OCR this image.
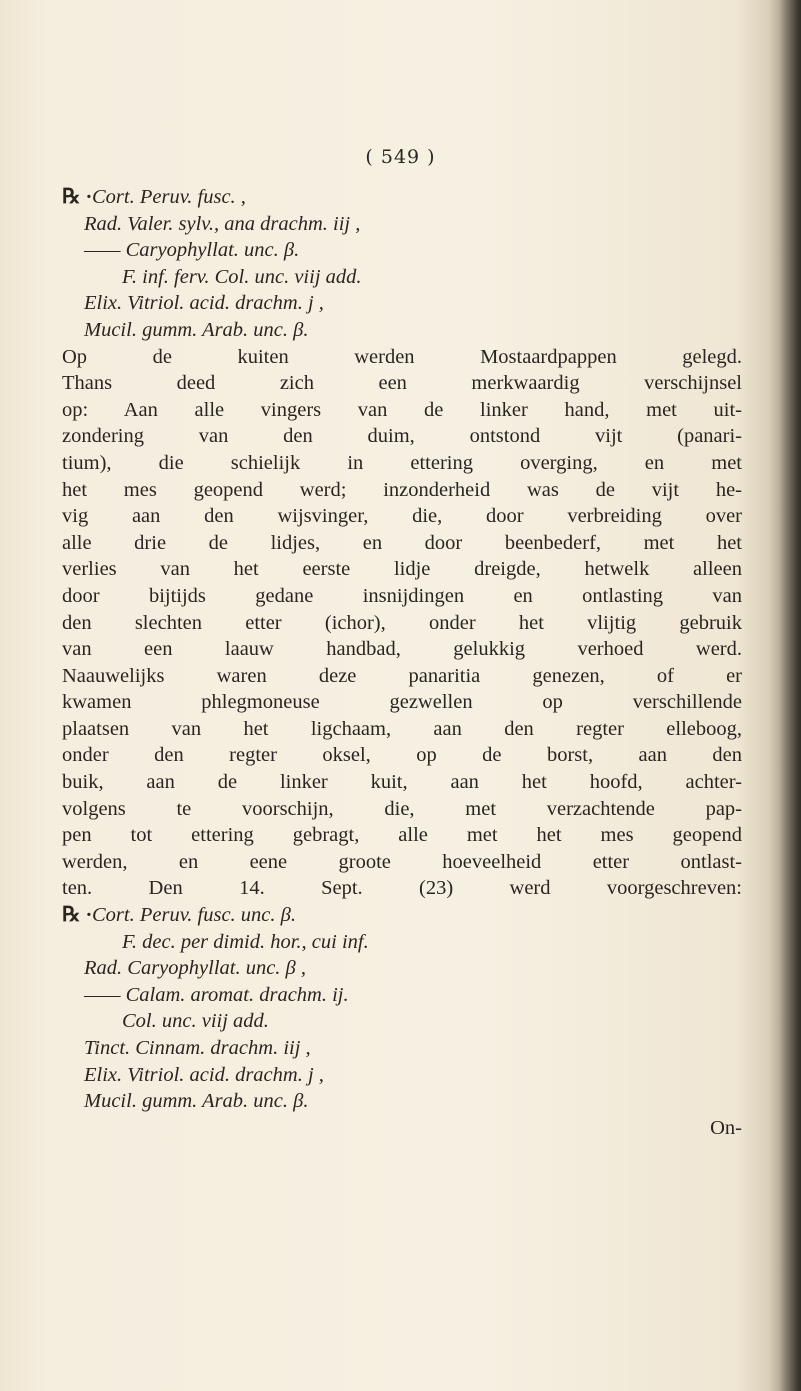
( 549 )
℞ ·Cort. Peruv. fusc. ,
Rad. Valer. sylv., ana drachm. iij ,
—— Caryophyllat. unc. β.
F. inf. ferv. Col. unc. viij add.
Elix. Vitriol. acid. drachm. j ,
Mucil. gumm. Arab. unc. β.
Op de kuiten werden Mostaardpappen gelegd.
Thans deed zich een merkwaardig verschijnsel
op: Aan alle vingers van de linker hand, met uit-
zondering van den duim, ontstond vijt (panari-
tium), die schielijk in ettering overging, en met
het mes geopend werd; inzonderheid was de vijt he-
vig aan den wijsvinger, die, door verbreiding over
alle drie de lidjes, en door beenbederf, met het
verlies van het eerste lidje dreigde, hetwelk alleen
door bijtijds gedane insnijdingen en ontlasting van
den slechten etter (ichor), onder het vlijtig gebruik
van een laauw handbad, gelukkig verhoed werd.
Naauwelijks waren deze panaritia genezen, of er
kwamen phlegmoneuse gezwellen op verschillende
plaatsen van het ligchaam, aan den regter elleboog,
onder den regter oksel, op de borst, aan den
buik, aan de linker kuit, aan het hoofd, achter-
volgens te voorschijn, die, met verzachtende pap-
pen tot ettering gebragt, alle met het mes geopend
werden, en eene groote hoeveelheid etter ontlast-
ten. Den 14. Sept. (23) werd voorgeschreven:
℞ ·Cort. Peruv. fusc. unc. β.
F. dec. per dimid. hor., cui inf.
Rad. Caryophyllat. unc. β ,
—— Calam. aromat. drachm. ij.
Col. unc. viij add.
Tinct. Cinnam. drachm. iij ,
Elix. Vitriol. acid. drachm. j ,
Mucil. gumm. Arab. unc. β.
On-
